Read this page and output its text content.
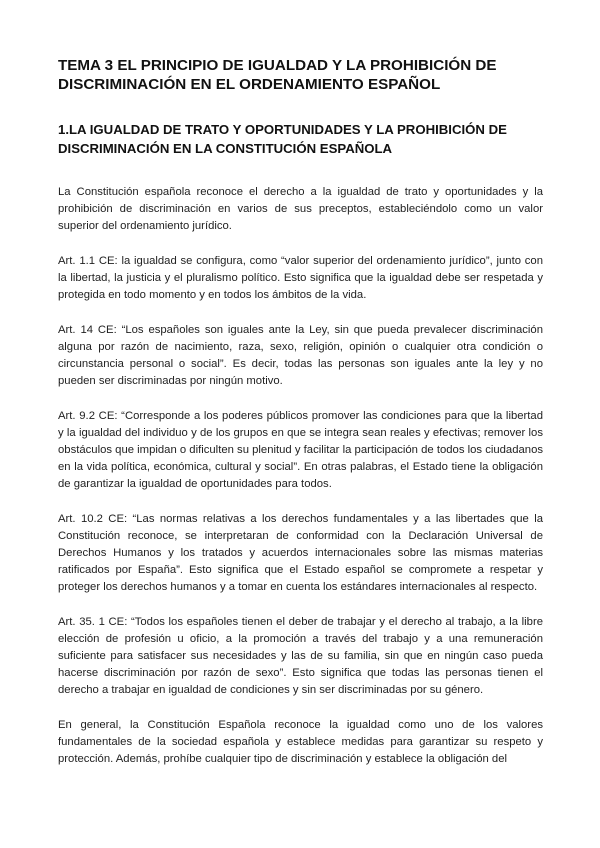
TEMA 3 EL PRINCIPIO DE IGUALDAD Y LA PROHIBICIÓN DE DISCRIMINACIÓN EN EL ORDENAMIENTO ESPAÑOL
1.LA IGUALDAD DE TRATO Y OPORTUNIDADES Y LA PROHIBICIÓN DE DISCRIMINACIÓN EN LA CONSTITUCIÓN ESPAÑOLA

La Constitución española reconoce el derecho a la igualdad de trato y oportunidades y la prohibición de discriminación en varios de sus preceptos, estableciéndolo como un valor superior del ordenamiento jurídico.

Art. 1.1 CE: la igualdad se configura, como “valor superior del ordenamiento jurídico”, junto con la libertad, la justicia y el pluralismo político. Esto significa que la igualdad debe ser respetada y protegida en todo momento y en todos los ámbitos de la vida.

Art. 14 CE: “Los españoles son iguales ante la Ley, sin que pueda prevalecer discriminación alguna por razón de nacimiento, raza, sexo, religión, opinión o cualquier otra condición o circunstancia personal o social”. Es decir, todas las personas son iguales ante la ley y no pueden ser discriminadas por ningún motivo.

Art. 9.2 CE: “Corresponde a los poderes públicos promover las condiciones para que la libertad y la igualdad del individuo y de los grupos en que se integra sean reales y efectivas; remover los obstáculos que impidan o dificulten su plenitud y facilitar la participación de todos los ciudadanos en la vida política, económica, cultural y social”. En otras palabras, el Estado tiene la obligación de garantizar la igualdad de oportunidades para todos.

Art. 10.2 CE: “Las normas relativas a los derechos fundamentales y a las libertades que la Constitución reconoce, se interpretaran de conformidad con la Declaración Universal de Derechos Humanos y los tratados y acuerdos internacionales sobre las mismas materias ratificados por España”. Esto significa que el Estado español se compromete a respetar y proteger los derechos humanos y a tomar en cuenta los estándares internacionales al respecto.

Art. 35. 1 CE: “Todos los españoles tienen el deber de trabajar y el derecho al trabajo, a la libre elección de profesión u oficio, a la promoción a través del trabajo y a una remuneración suficiente para satisfacer sus necesidades y las de su familia, sin que en ningún caso pueda hacerse discriminación por razón de sexo”. Esto significa que todas las personas tienen el derecho a trabajar en igualdad de condiciones y sin ser discriminadas por su género.

En general, la Constitución Española reconoce la igualdad como uno de los valores fundamentales de la sociedad española y establece medidas para garantizar su respeto y protección. Además, prohíbe cualquier tipo de discriminación y establece la obligación del
